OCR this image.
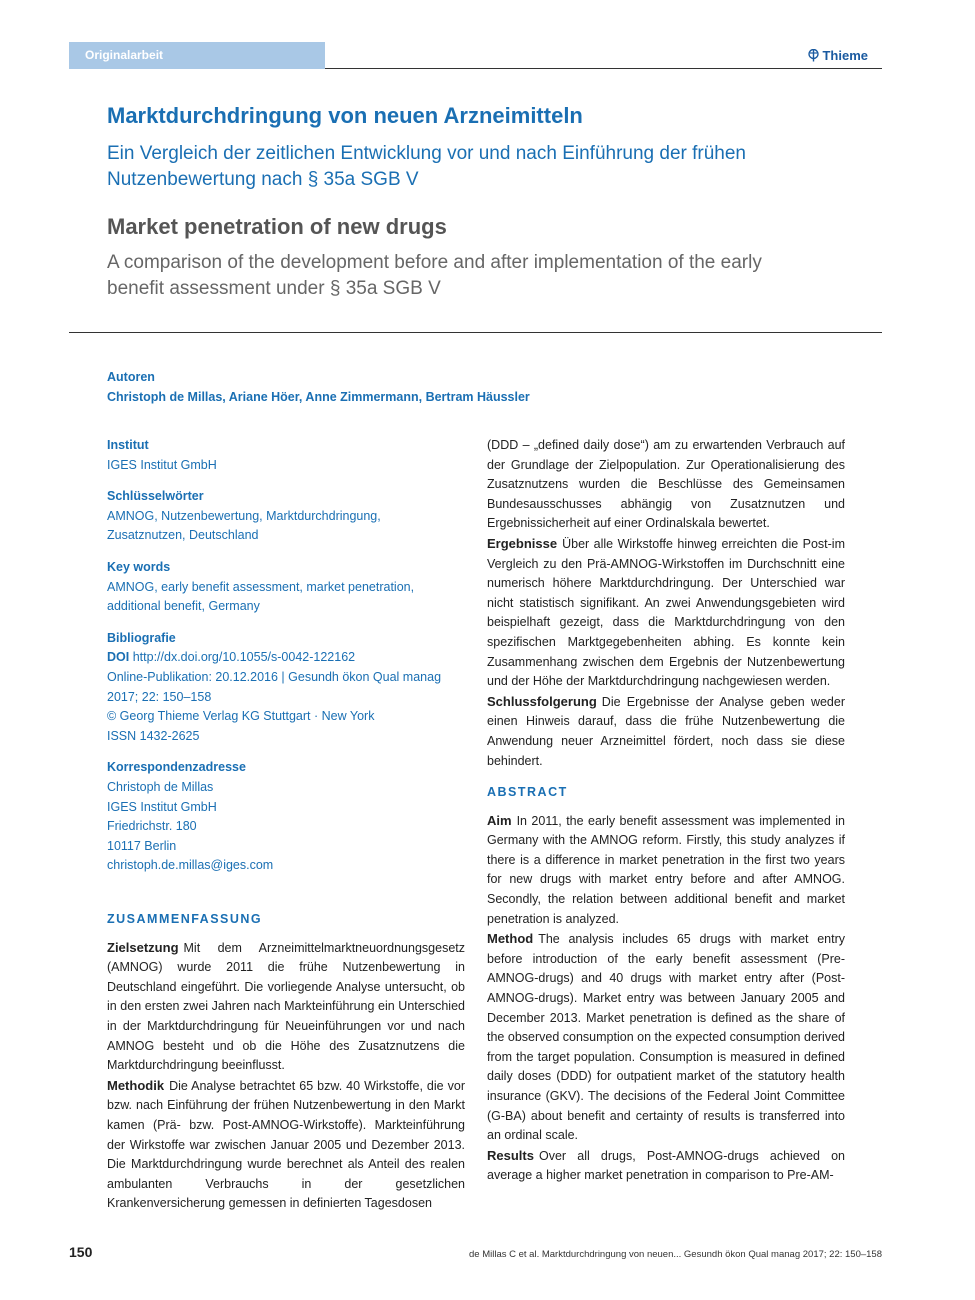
Originalarbeit	Thieme
Marktdurchdringung von neuen Arzneimitteln
Ein Vergleich der zeitlichen Entwicklung vor und nach Einführung der frühen Nutzenbewertung nach § 35a SGB V
Market penetration of new drugs
A comparison of the development before and after implementation of the early benefit assessment under § 35a SGB V
Autoren
Christoph de Millas, Ariane Höer, Anne Zimmermann, Bertram Häussler
Institut
IGES Institut GmbH
Schlüsselwörter
AMNOG, Nutzenbewertung, Marktdurchdringung, Zusatznutzen, Deutschland
Key words
AMNOG, early benefit assessment, market penetration, additional benefit, Germany
Bibliografie
DOI http://dx.doi.org/10.1055/s-0042-122162
Online-Publikation: 20.12.2016 | Gesundh ökon Qual manag 2017; 22: 150–158
© Georg Thieme Verlag KG Stuttgart · New York
ISSN 1432-2625
Korrespondenzadresse
Christoph de Millas
IGES Institut GmbH
Friedrichstr. 180
10117 Berlin
christoph.de.millas@iges.com
ZUSAMMENFASSUNG

Zielsetzung Mit dem Arzneimittelmarktneuordnungsgesetz (AMNOG) wurde 2011 die frühe Nutzenbewertung in Deutschland eingeführt. Die vorliegende Analyse untersucht, ob in den ersten zwei Jahren nach Markteinführung ein Unterschied in der Marktdurchdringung für Neueinführungen vor und nach AMNOG besteht und ob die Höhe des Zusatznutzens die Marktdurchdringung beeinflusst.

Methodik Die Analyse betrachtet 65 bzw. 40 Wirkstoffe, die vor bzw. nach Einführung der frühen Nutzenbewertung in den Markt kamen (Prä- bzw. Post-AMNOG-Wirkstoffe). Markteinführung der Wirkstoffe war zwischen Januar 2005 und Dezember 2013. Die Marktdurchdringung wurde berechnet als Anteil des realen ambulanten Verbrauchs in der gesetzlichen Krankenversicherung gemessen in definierten Tagesdosen

(DDD – „defined daily dose“) am zu erwartenden Verbrauch auf der Grundlage der Zielpopulation. Zur Operationalisierung des Zusatznutzens wurden die Beschlüsse des Gemeinsamen Bundesausschusses abhängig von Zusatznutzen und Ergebnissicherheit auf einer Ordinalskala bewertet.

Ergebnisse Über alle Wirkstoffe hinweg erreichten die Post-im Vergleich zu den Prä-AMNOG-Wirkstoffen im Durchschnitt eine numerisch höhere Marktdurchdringung. Der Unterschied war nicht statistisch signifikant. An zwei Anwendungsgebieten wird beispielhaft gezeigt, dass die Marktdurchdringung von den spezifischen Marktgegebenheiten abhing. Es konnte kein Zusammenhang zwischen dem Ergebnis der Nutzenbewertung und der Höhe der Marktdurchdringung nachgewiesen werden.

Schlussfolgerung Die Ergebnisse der Analyse geben weder einen Hinweis darauf, dass die frühe Nutzenbewertung die Anwendung neuer Arzneimittel fördert, noch dass sie diese behindert.

ABSTRACT

Aim In 2011, the early benefit assessment was implemented in Germany with the AMNOG reform. Firstly, this study analyzes if there is a difference in market penetration in the first two years for new drugs with market entry before and after AMNOG. Secondly, the relation between additional benefit and market penetration is analyzed.

Method The analysis includes 65 drugs with market entry before introduction of the early benefit assessment (Pre-AMNOG-drugs) and 40 drugs with market entry after (Post-AMNOG-drugs). Market entry was between January 2005 and December 2013. Market penetration is defined as the share of the observed consumption on the expected consumption derived from the target population. Consumption is measured in defined daily doses (DDD) for outpatient market of the statutory health insurance (GKV). The decisions of the Federal Joint Committee (G-BA) about benefit and certainty of results is transferred into an ordinal scale.

Results Over all drugs, Post-AMNOG-drugs achieved on average a higher market penetration in comparison to Pre-AM-

150	de Millas C et al. Marktdurchdringung von neuen... Gesundh ökon Qual manag 2017; 22: 150–158
